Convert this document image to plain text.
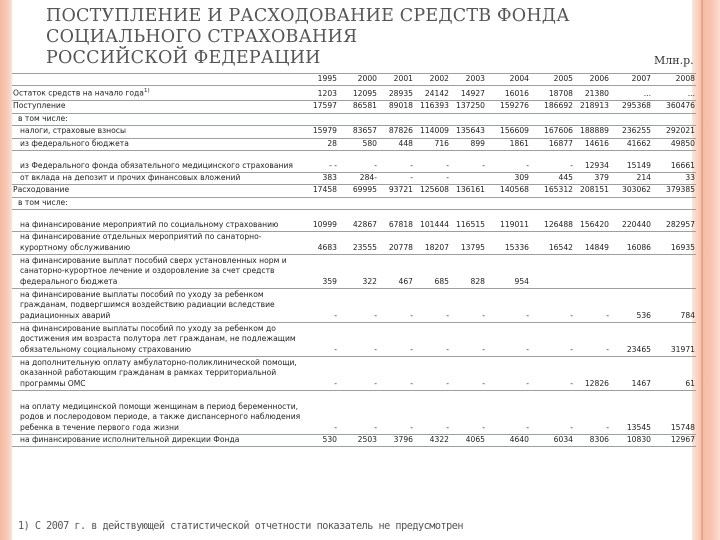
ПОСТУПЛЕНИЕ И РАСХОДОВАНИЕ СРЕДСТВ ФОНДА
СОЦИАЛЬНОГО СТРАХОВАНИЯ
РОССИЙСКОЙ ФЕДЕРАЦИИ	Млн.р.
	1995	2000	2001	2002	2003	2004	2005	2006	2007	2008
Остаток средств на начало года$^{1)}$	1203	12095	28935	24142	14927	16016	18708	21380	...	...
Поступление	17597	86581	89018	116393	137250	159276	186692	218913	295368	360476
в том числе:										
налоги, страховые взносы	15979	83657	87826	114009	135643	156609	167606	188889	236255	292021
из федерального бюджета	28	580	448	716	899	1861	16877	14616	41662	49850
из Федерального фонда обязательного медицинского страхования	- -	-	-	-	-	-	-	12934	15149	16661
от вклада на депозит и прочих финансовых вложений	383	284-	-	-		309	445	379	214	33
Расходование	17458	69995	93721	125608	136161	140568	165312	208151	303062	379385
в том числе:										
на финансирование мероприятий по социальному страхованию	10999	42867	67818	101444	116515	119011	126488	156420	220440	282957
на финансирование отдельных мероприятий по санаторно-курортному обслуживанию	4683	23555	20778	18207	13795	15336	16542	14849	16086	16935
на финансирование выплат пособий сверх установленных норм и санаторно-курортное лечение и оздоровление за счет средств федерального бюджета	359	322	467	685	828	954				
на финансирование выплаты пособий по уходу за ребенком гражданам, подвергшимся воздействию радиации вследствие радиационных аварий	-	-	-	-	-	-	-	-	536	784
на финансирование выплаты пособий по уходу за ребенком до достижения им возраста полутора лет гражданам, не подлежащим обязательному социальному страхованию	-	-	-	-	-	-	-	-	23465	31971
на дополнительную оплату амбулаторно-поликлинической помощи, оказанной работающим гражданам в рамках территориальной программы ОМС	-	-	-	-	-	-	-	12826	1467	61
на оплату медицинской помощи женщинам в период беременности, родов и послеродовом периоде, а также диспансерного наблюдения ребенка в течение первого года жизни	-	-	-	-	-	-	-	-	13545	15748
на финансирование исполнительной дирекции Фонда	530	2503	3796	4322	4065	4640	6034	8306	10830	12967
1) С 2007 г. в действующей статистической отчетности показатель не предусмотрен
